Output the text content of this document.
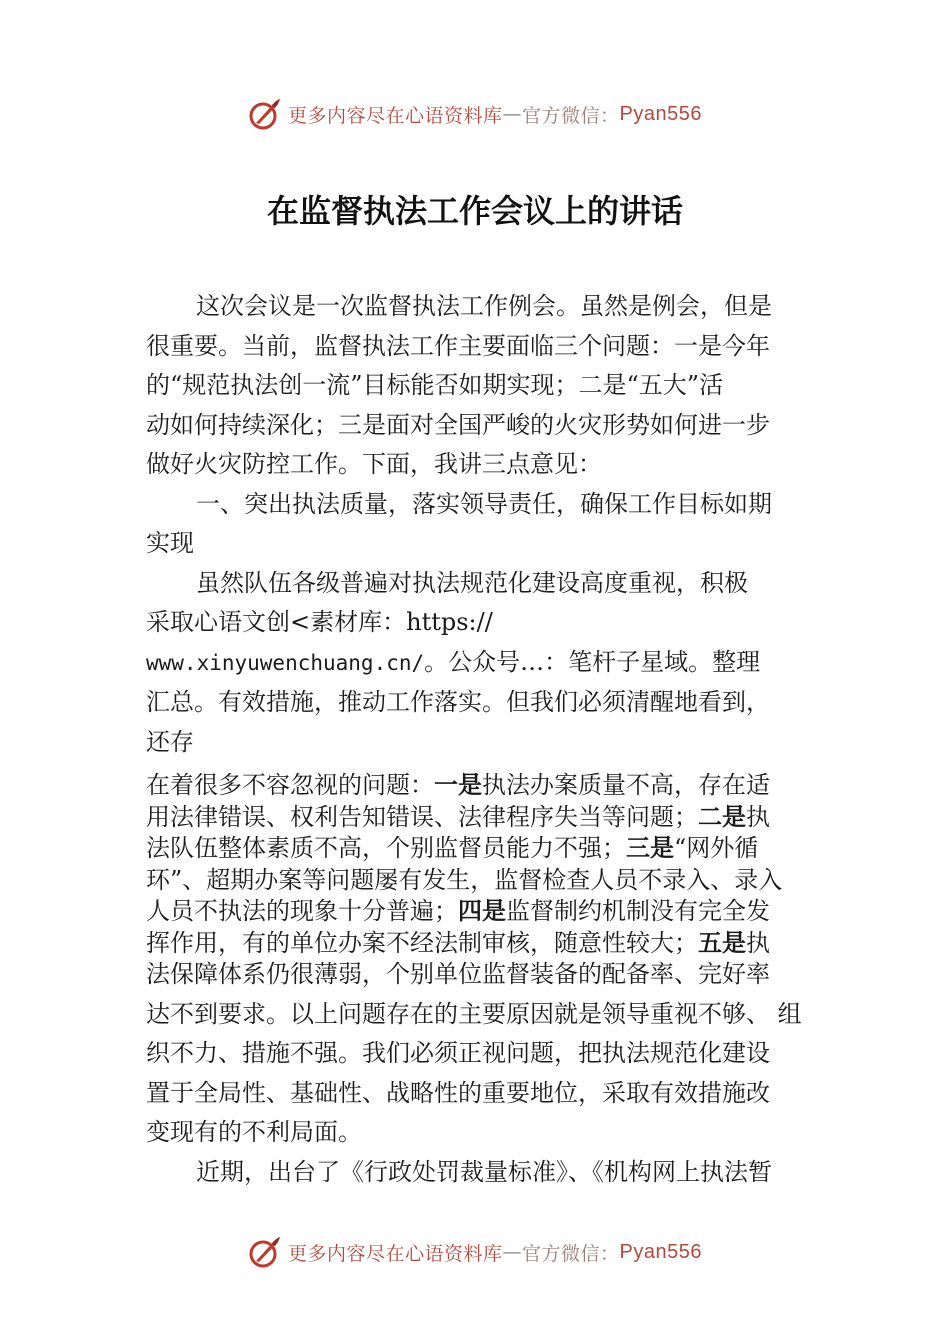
更多内容尽在心语资料库 — 官方微信： Pyan556
在监督执法工作会议上的讲话

这次会议是一次监督执法工作例会。虽然是例会，但是

很重要。当前，监督执法工作主要面临三个问题：一是今年

的“规范执法创一流”目标能否如期实现；二是“五大”活

动如何持续深化；三是面对全国严峻的火灾形势如何进一步

做好火灾防控工作。下面，我讲三点意见：

一、突出执法质量，落实领导责任，确保工作目标如期

实现

虽然队伍各级普遍对执法规范化建设高度重视，积极

采取心语文创<素材库：https://

www.xinyuwenchuang.cn/。公众号…：笔杆子星域。整理

汇总。有效措施，推动工作落实。但我们必须清醒地看到，

还存

在着很多不容忽视的问题：一是执法办案质量不高，存在适

用法律错误、权利告知错误、法律程序失当等问题；二是执

法队伍整体素质不高，个别监督员能力不强；三是“网外循

环”、超期办案等问题屡有发生，监督检查人员不录入、录入

人员不执法的现象十分普遍；四是监督制约机制没有完全发

挥作用，有的单位办案不经法制审核，随意性较大；五是执

法保障体系仍很薄弱，个别单位监督装备的配备率、完好率

达不到要求。以上问题存在的主要原因就是领导重视不够、 组

织不力、措施不强。我们必须正视问题，把执法规范化建设

置于全局性、基础性、战略性的重要地位，采取有效措施改

变现有的不利局面。

近期，出台了《行政处罚裁量标准》、《机构网上执法暂

更多内容尽在心语资料库 — 官方微信： Pyan556
